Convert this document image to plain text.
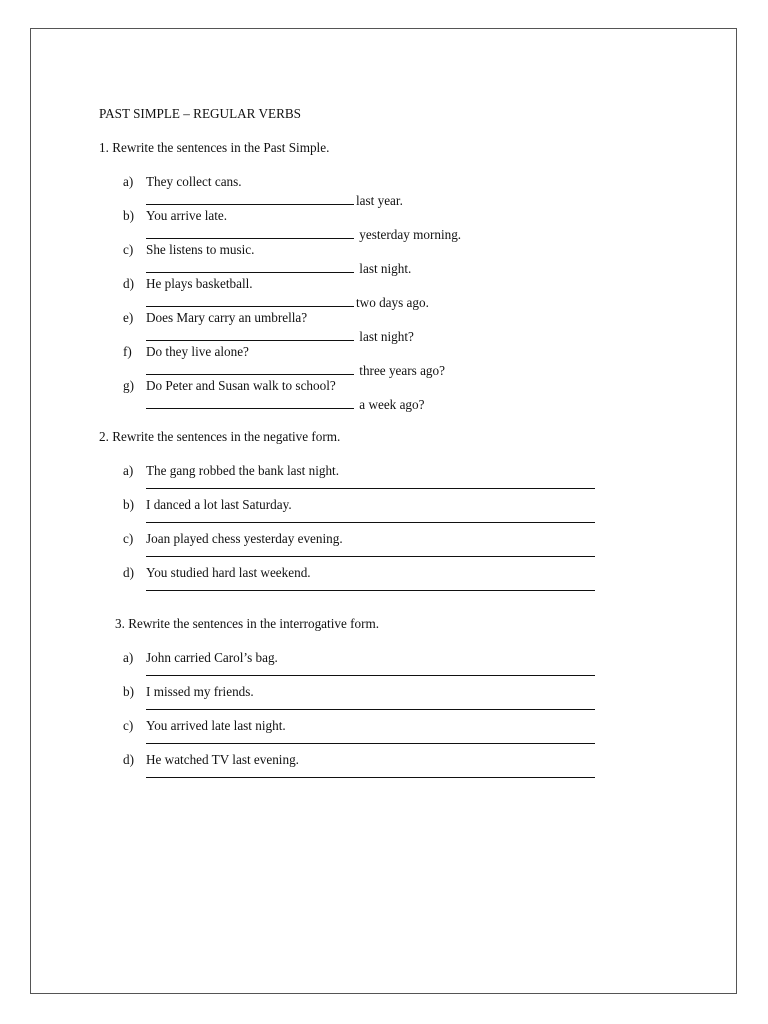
PAST SIMPLE – REGULAR VERBS

1. Rewrite the sentences in the Past Simple.

a) They collect cans.
last year.
b) You arrive late.
yesterday morning.
c) She listens to music.
last night.
d) He plays basketball.
two days ago.
e) Does Mary carry an umbrella?
last night?
f) Do they live alone?
three years ago?
g) Do Peter and Susan walk to school?
a week ago?

2. Rewrite the sentences in the negative form.

a) The gang robbed the bank last night.
b) I danced a lot last Saturday.
c) Joan played chess yesterday evening.
d) You studied hard last weekend.

3. Rewrite the sentences in the interrogative form.

a) John carried Carol’s bag.
b) I missed my friends.
c) You arrived late last night.
d) He watched TV last evening.
